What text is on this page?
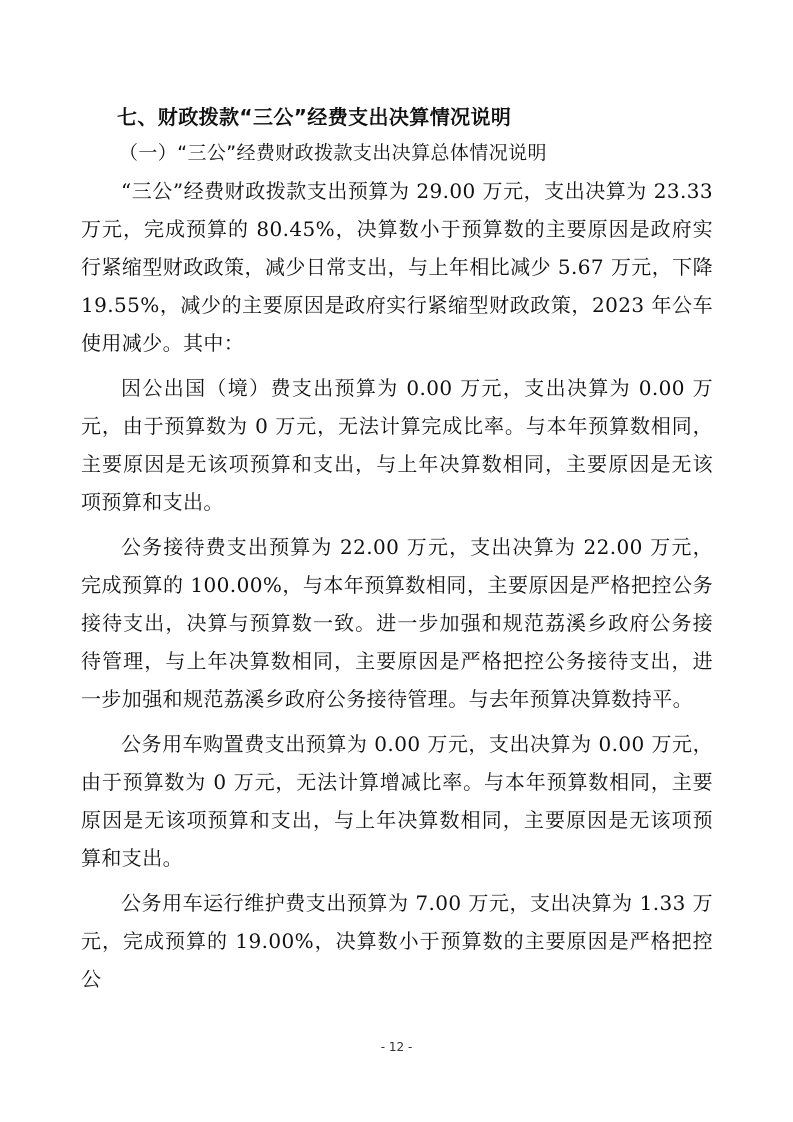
七、财政拨款“三公”经费支出决算情况说明
（一）“三公”经费财政拨款支出决算总体情况说明

“三公”经费财政拨款支出预算为 29.00 万元，支出决算为 23.33 万元，完成预算的 80.45%，决算数小于预算数的主要原因是政府实行紧缩型财政政策，减少日常支出，与上年相比减少 5.67 万元，下降 19.55%，减少的主要原因是政府实行紧缩型财政政策，2023 年公车使用减少。其中：

因公出国（境）费支出预算为 0.00 万元，支出决算为 0.00 万元，由于预算数为 0 万元，无法计算完成比率。与本年预算数相同，主要原因是无该项预算和支出，与上年决算数相同，主要原因是无该项预算和支出。

公务接待费支出预算为 22.00 万元，支出决算为 22.00 万元，完成预算的 100.00%，与本年预算数相同，主要原因是严格把控公务接待支出，决算与预算数一致。进一步加强和规范荔溪乡政府公务接待管理，与上年决算数相同，主要原因是严格把控公务接待支出，进一步加强和规范荔溪乡政府公务接待管理。与去年预算决算数持平。

公务用车购置费支出预算为 0.00 万元，支出决算为 0.00 万元，由于预算数为 0 万元，无法计算增减比率。与本年预算数相同，主要原因是无该项预算和支出，与上年决算数相同，主要原因是无该项预算和支出。

公务用车运行维护费支出预算为 7.00 万元，支出决算为 1.33 万元，完成预算的 19.00%，决算数小于预算数的主要原因是严格把控公

- 12 -
